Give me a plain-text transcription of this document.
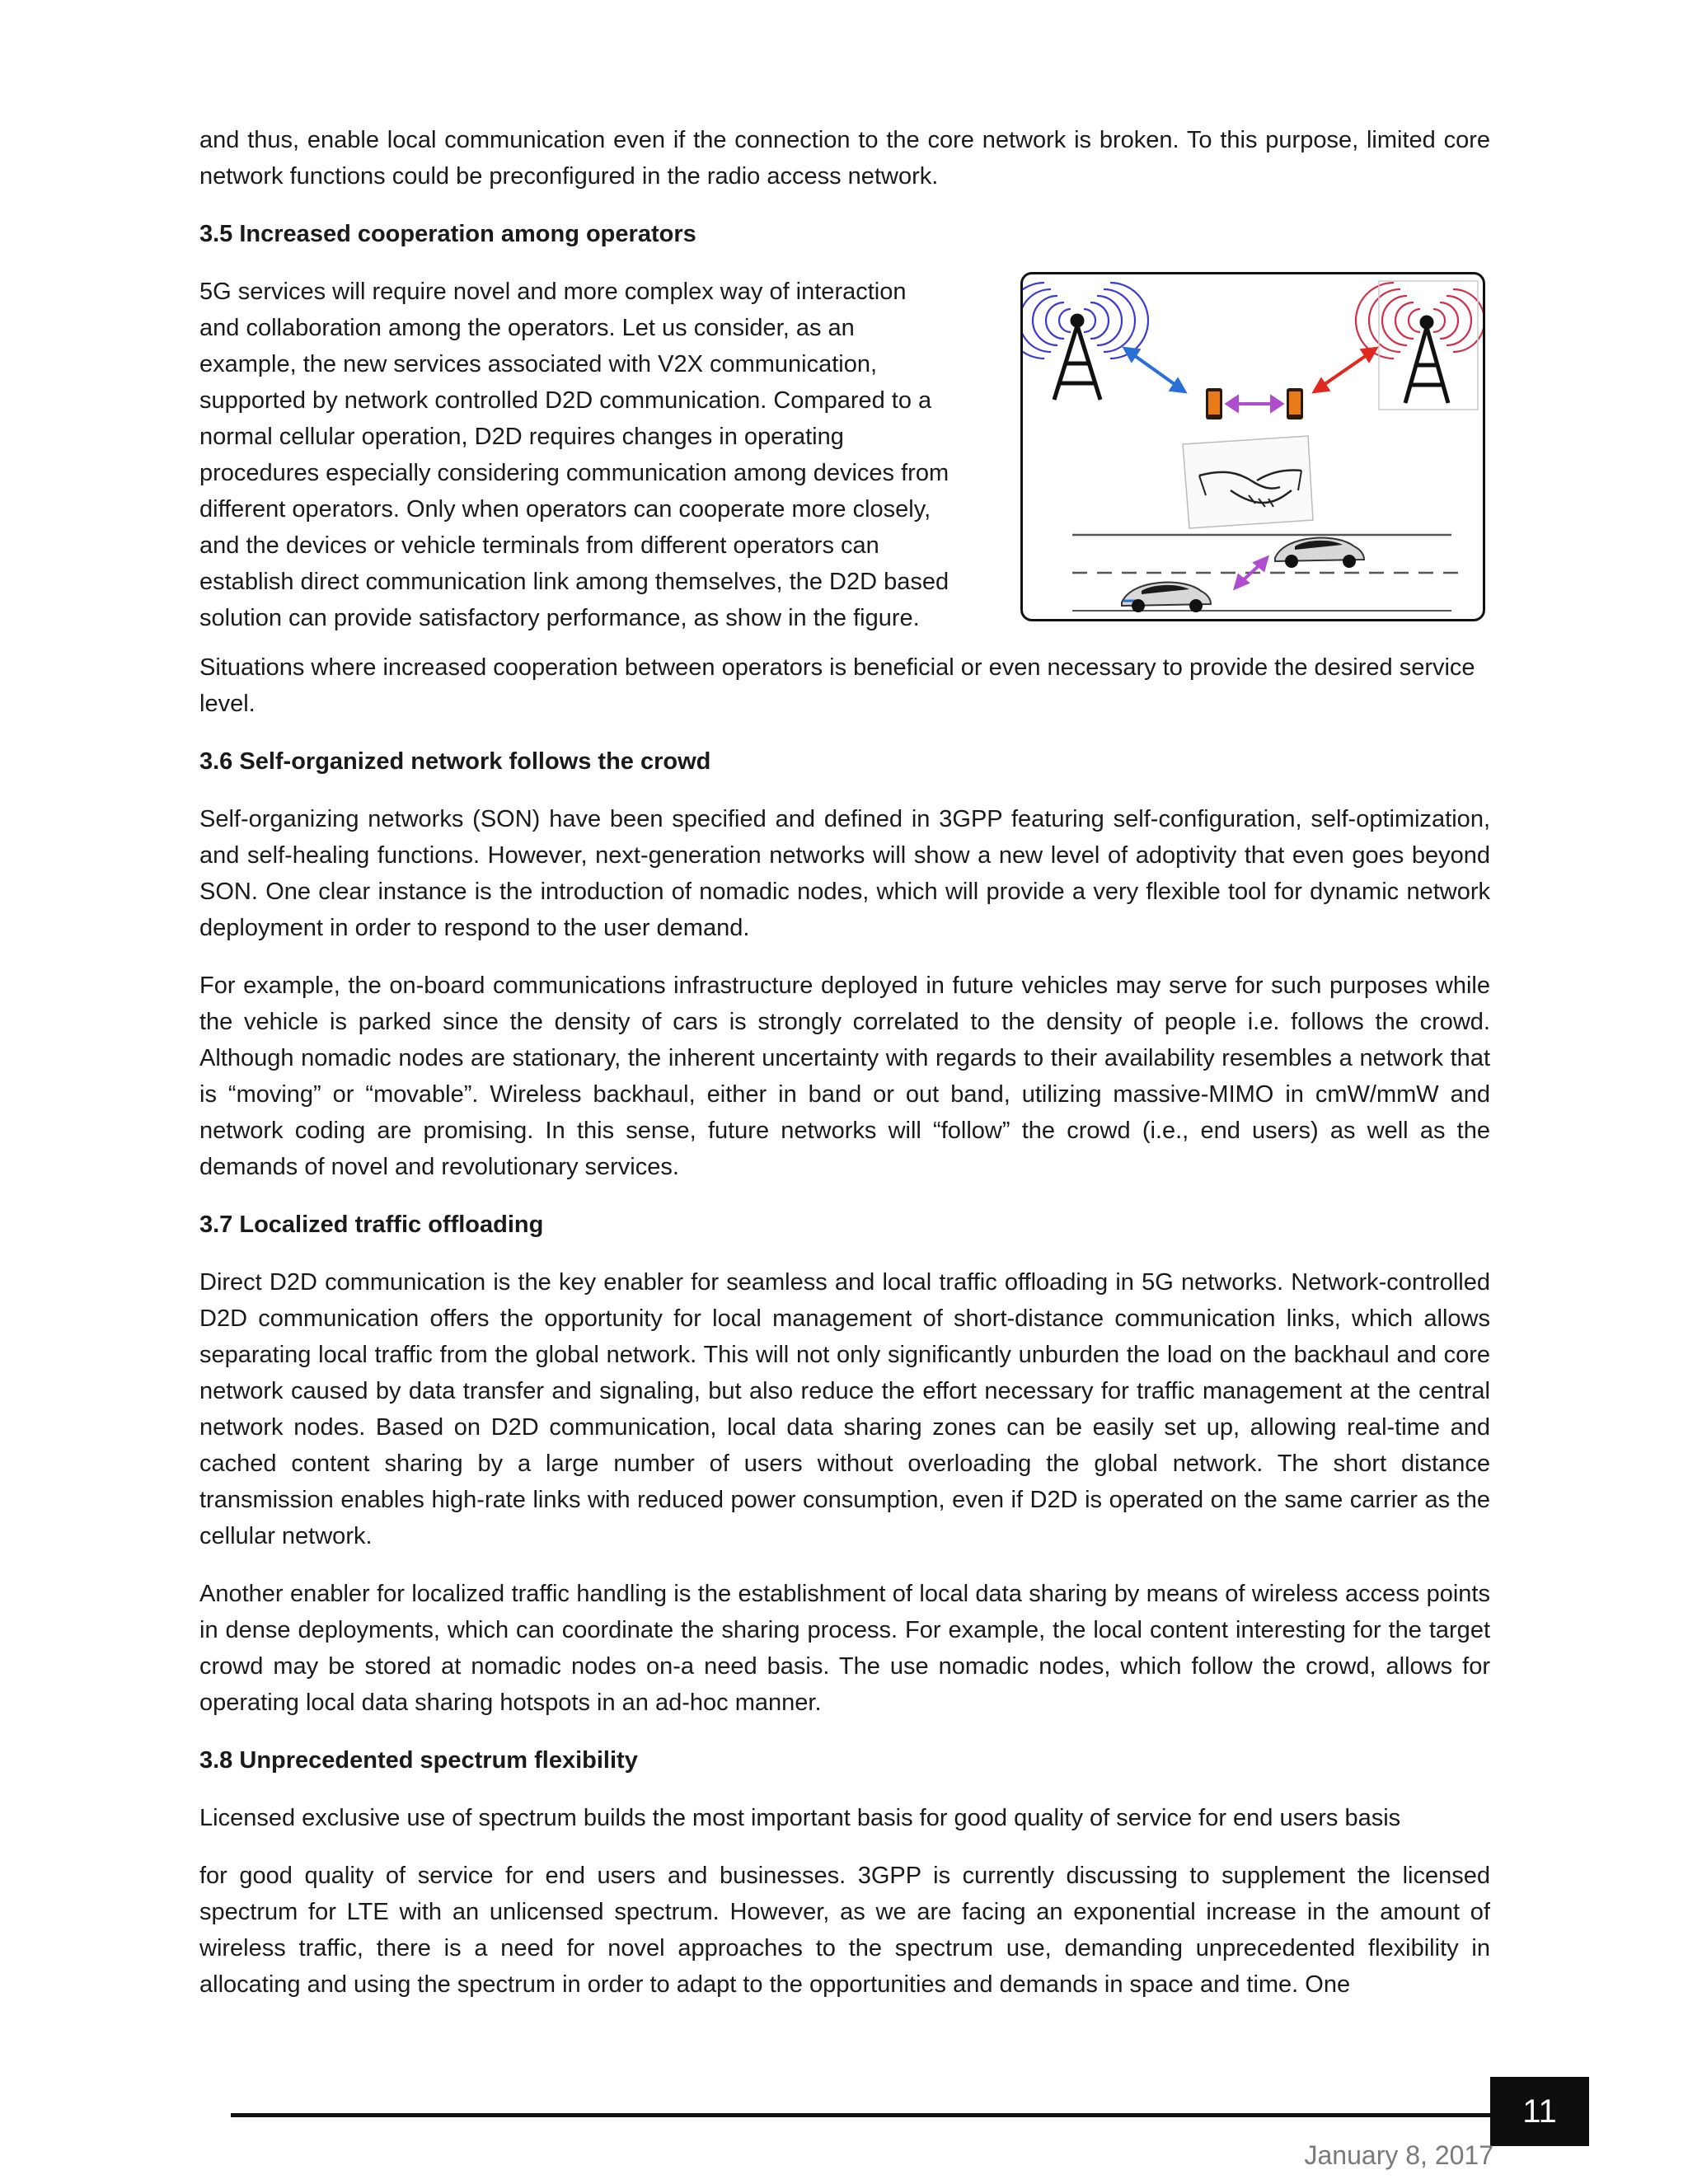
and thus, enable local communication even if the connection to the core network is broken. To this purpose, limited core network functions could be preconfigured in the radio access network.

3.5 Increased cooperation among operators

5G services will require novel and more complex way of interaction
and collaboration among the operators. Let us consider, as an
example, the new services associated with V2X communication,
supported by network controlled D2D communication. Compared to a
normal cellular operation, D2D requires changes in operating
procedures especially considering communication among devices from
different operators. Only when operators can cooperate more closely,
and the devices or vehicle terminals from different operators can
establish direct communication link among themselves, the D2D based
solution can provide satisfactory performance, as show in the figure.

Situations where increased cooperation between operators is beneficial or even necessary to provide the desired service level.

3.6 Self-organized network follows the crowd

Self-organizing networks (SON) have been specified and defined in 3GPP featuring self-configuration, self-optimization, and self-healing functions. However, next-generation networks will show a new level of adoptivity that even goes beyond SON. One clear instance is the introduction of nomadic nodes, which will provide a very flexible tool for dynamic network deployment in order to respond to the user demand.

For example, the on-board communications infrastructure deployed in future vehicles may serve for such purposes while the vehicle is parked since the density of cars is strongly correlated to the density of people i.e. follows the crowd. Although nomadic nodes are stationary, the inherent uncertainty with regards to their availability resembles a network that is “moving” or “movable”. Wireless backhaul, either in band or out band, utilizing massive-MIMO in cmW/mmW and network coding are promising. In this sense, future networks will “follow” the crowd (i.e., end users) as well as the demands of novel and revolutionary services.

3.7 Localized traffic offloading

Direct D2D communication is the key enabler for seamless and local traffic offloading in 5G networks. Network-controlled D2D communication offers the opportunity for local management of short-distance communication links, which allows separating local traffic from the global network. This will not only significantly unburden the load on the backhaul and core network caused by data transfer and signaling, but also reduce the effort necessary for traffic management at the central network nodes. Based on D2D communication, local data sharing zones can be easily set up, allowing real-time and cached content sharing by a large number of users without overloading the global network. The short distance transmission enables high-rate links with reduced power consumption, even if D2D is operated on the same carrier as the cellular network.

Another enabler for localized traffic handling is the establishment of local data sharing by means of wireless access points in dense deployments, which can coordinate the sharing process. For example, the local content interesting for the target crowd may be stored at nomadic nodes on-a need basis. The use nomadic nodes, which follow the crowd, allows for operating local data sharing hotspots in an ad-hoc manner.

3.8 Unprecedented spectrum flexibility

Licensed exclusive use of spectrum builds the most important basis for good quality of service for end users basis

for good quality of service for end users and businesses. 3GPP is currently discussing to supplement the licensed spectrum for LTE with an unlicensed spectrum. However, as we are facing an exponential increase in the amount of wireless traffic, there is a need for novel approaches to the spectrum use, demanding unprecedented flexibility in allocating and using the spectrum in order to adapt to the opportunities and demands in space and time. One

11
January 8, 2017
